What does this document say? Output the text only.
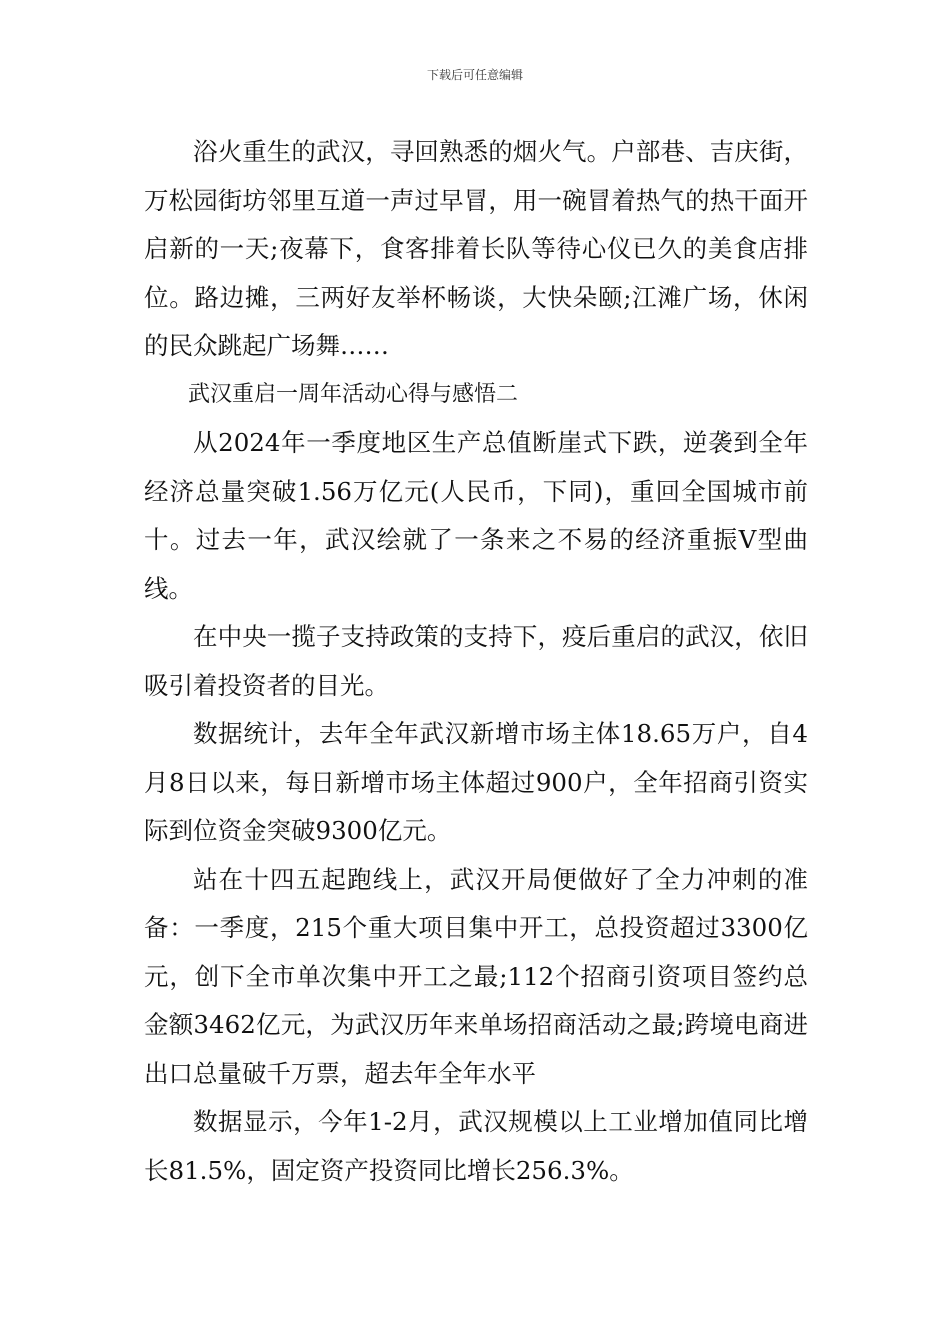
下载后可任意编辑

浴火重生的武汉，寻回熟悉的烟火气。户部巷、吉庆街，万松园街坊邻里互道一声过早冒，用一碗冒着热气的热干面开启新的一天;夜幕下，食客排着长队等待心仪已久的美食店排位。路边摊，三两好友举杯畅谈，大快朵颐;江滩广场，休闲的民众跳起广场舞……

武汉重启一周年活动心得与感悟二

从2024年一季度地区生产总值断崖式下跌，逆袭到全年经济总量突破1.56万亿元(人民币，下同)，重回全国城市前十。过去一年，武汉绘就了一条来之不易的经济重振V型曲线。

在中央一揽子支持政策的支持下，疫后重启的武汉，依旧吸引着投资者的目光。

数据统计，去年全年武汉新增市场主体18.65万户，自4月8日以来，每日新增市场主体超过900户，全年招商引资实际到位资金突破9300亿元。

站在十四五起跑线上，武汉开局便做好了全力冲刺的准备：一季度，215个重大项目集中开工，总投资超过3300亿元，创下全市单次集中开工之最;112个招商引资项目签约总金额3462亿元，为武汉历年来单场招商活动之最;跨境电商进出口总量破千万票，超去年全年水平

数据显示，今年1-2月，武汉规模以上工业增加值同比增长81.5%，固定资产投资同比增长256.3%。
